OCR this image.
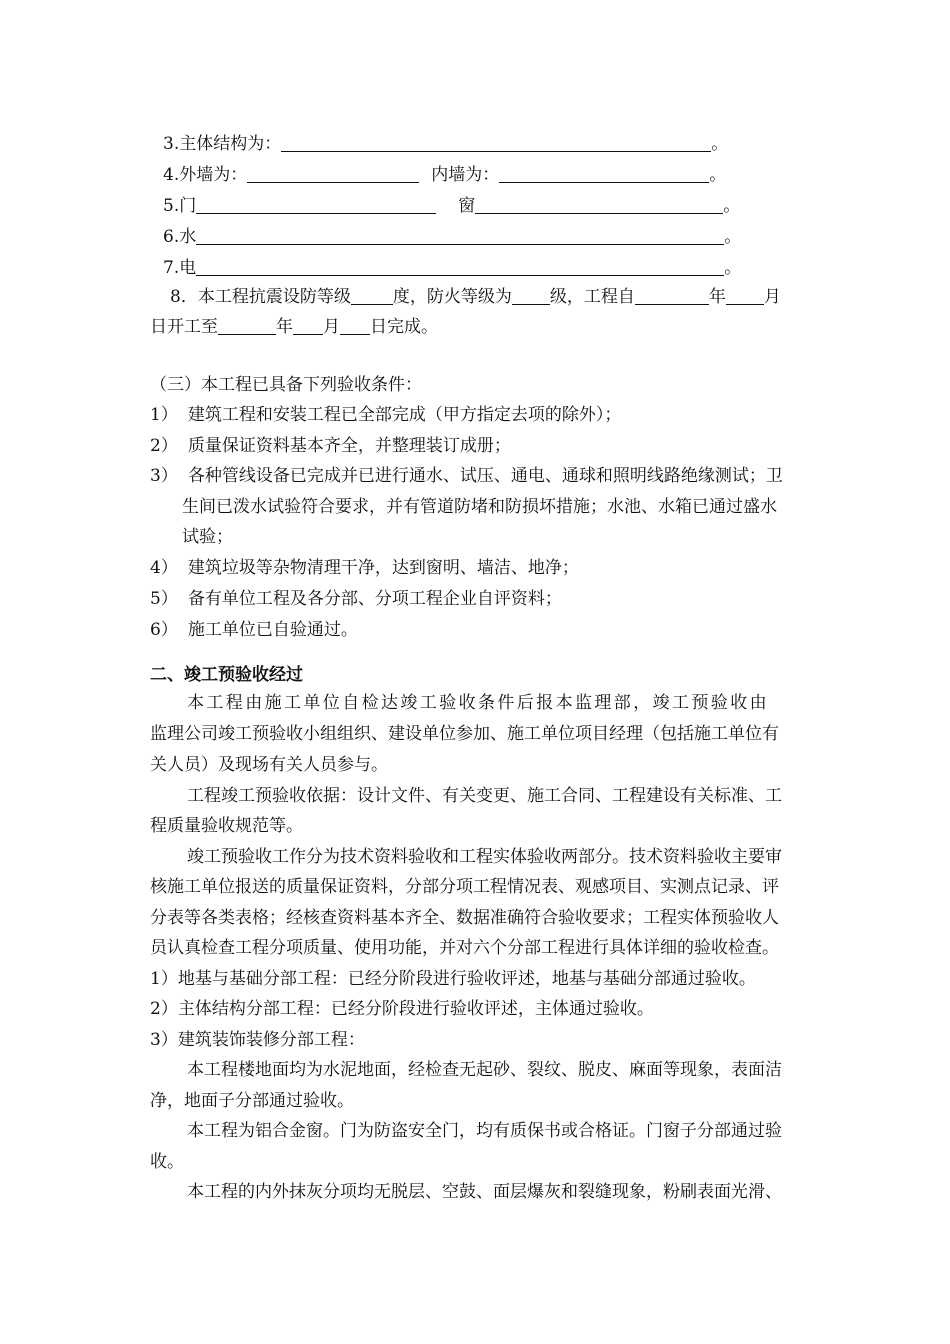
3.主体结构为：	。
4.外墙为：	内墙为：	。
5.门	窗	。
6.水	。
7.电	。
8．本工程抗震设防等级 度，防火等级为 级，工程自	年 月
日开工至	年 月 日完成。
（三）本工程已具备下列验收条件：
1） 建筑工程和安装工程已全部完成（甲方指定去项的除外）；
2） 质量保证资料基本齐全，并整理装订成册；
3） 各种管线设备已完成并已进行通水、试压、通电、通球和照明线路绝缘测试；卫
生间已泼水试验符合要求，并有管道防堵和防损坏措施；水池、水箱已通过盛水
试验；
4） 建筑垃圾等杂物清理干净，达到窗明、墙洁、地净；
5） 备有单位工程及各分部、分项工程企业自评资料；
6） 施工单位已自验通过。
二、竣工预验收经过
本工程由施工单位自检达竣工验收条件后报本监理部，竣工预验收由
监理公司竣工预验收小组组织、建设单位参加、施工单位项目经理（包括施工单位有
关人员）及现场有关人员参与。
工程竣工预验收依据：设计文件、有关变更、施工合同、工程建设有关标准、工
程质量验收规范等。
竣工预验收工作分为技术资料验收和工程实体验收两部分。技术资料验收主要审
核施工单位报送的质量保证资料，分部分项工程情况表、观感项目、实测点记录、评
分表等各类表格；经核查资料基本齐全、数据准确符合验收要求；工程实体预验收人
员认真检查工程分项质量、使用功能，并对六个分部工程进行具体详细的验收检查。
1）地基与基础分部工程：已经分阶段进行验收评述，地基与基础分部通过验收。
2）主体结构分部工程：已经分阶段进行验收评述，主体通过验收。
3）建筑装饰装修分部工程：
本工程楼地面均为水泥地面，经检查无起砂、裂纹、脱皮、麻面等现象，表面洁
净，地面子分部通过验收。
本工程为铝合金窗。门为防盗安全门，均有质保书或合格证。门窗子分部通过验
收。
本工程的内外抹灰分项均无脱层、空鼓、面层爆灰和裂缝现象，粉刷表面光滑、
